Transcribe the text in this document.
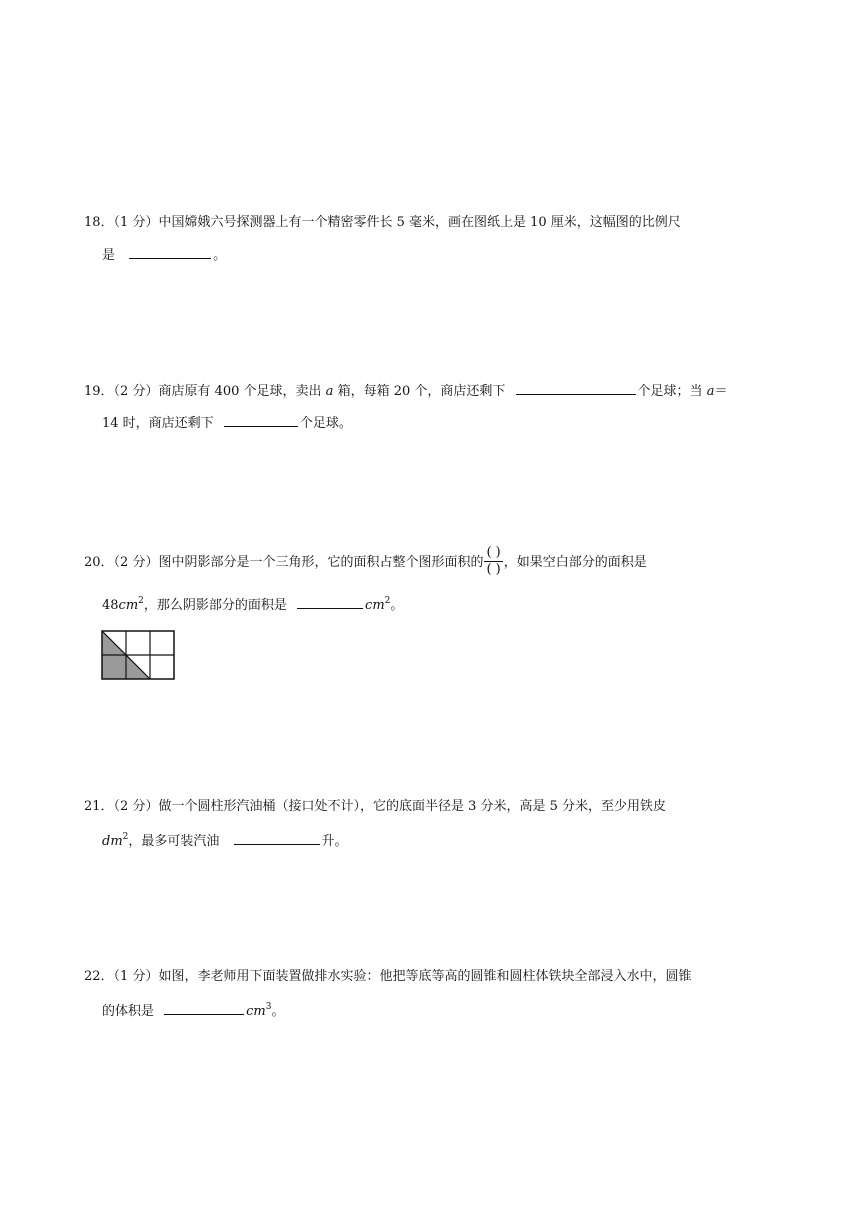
18．（1 分）中国嫦娥六号探测器上有一个精密零件长 5 毫米，画在图纸上是 10 厘米，这幅图的比例尺
是	。
19．（2 分）商店原有 400 个足球，卖出 a 箱，每箱 20 个，商店还剩下	个足球；当 a＝
14 时，商店还剩下	个足球。
20．（2 分）图中阴影部分是一个三角形，它的面积占整个图形面积的 $\frac{( )}{( )}$ ，如果空白部分的面积是
$48cm^2$，那么阴影部分的面积是	$cm^2$。
21．（2 分）做一个圆柱形汽油桶（接口处不计），它的底面半径是 3 分米，高是 5 分米，至少用铁皮
$dm^2$，最多可装汽油	升。
22．（1 分）如图，李老师用下面装置做排水实验：他把等底等高的圆锥和圆柱体铁块全部浸入水中，圆锥
的体积是	$cm^3$。
